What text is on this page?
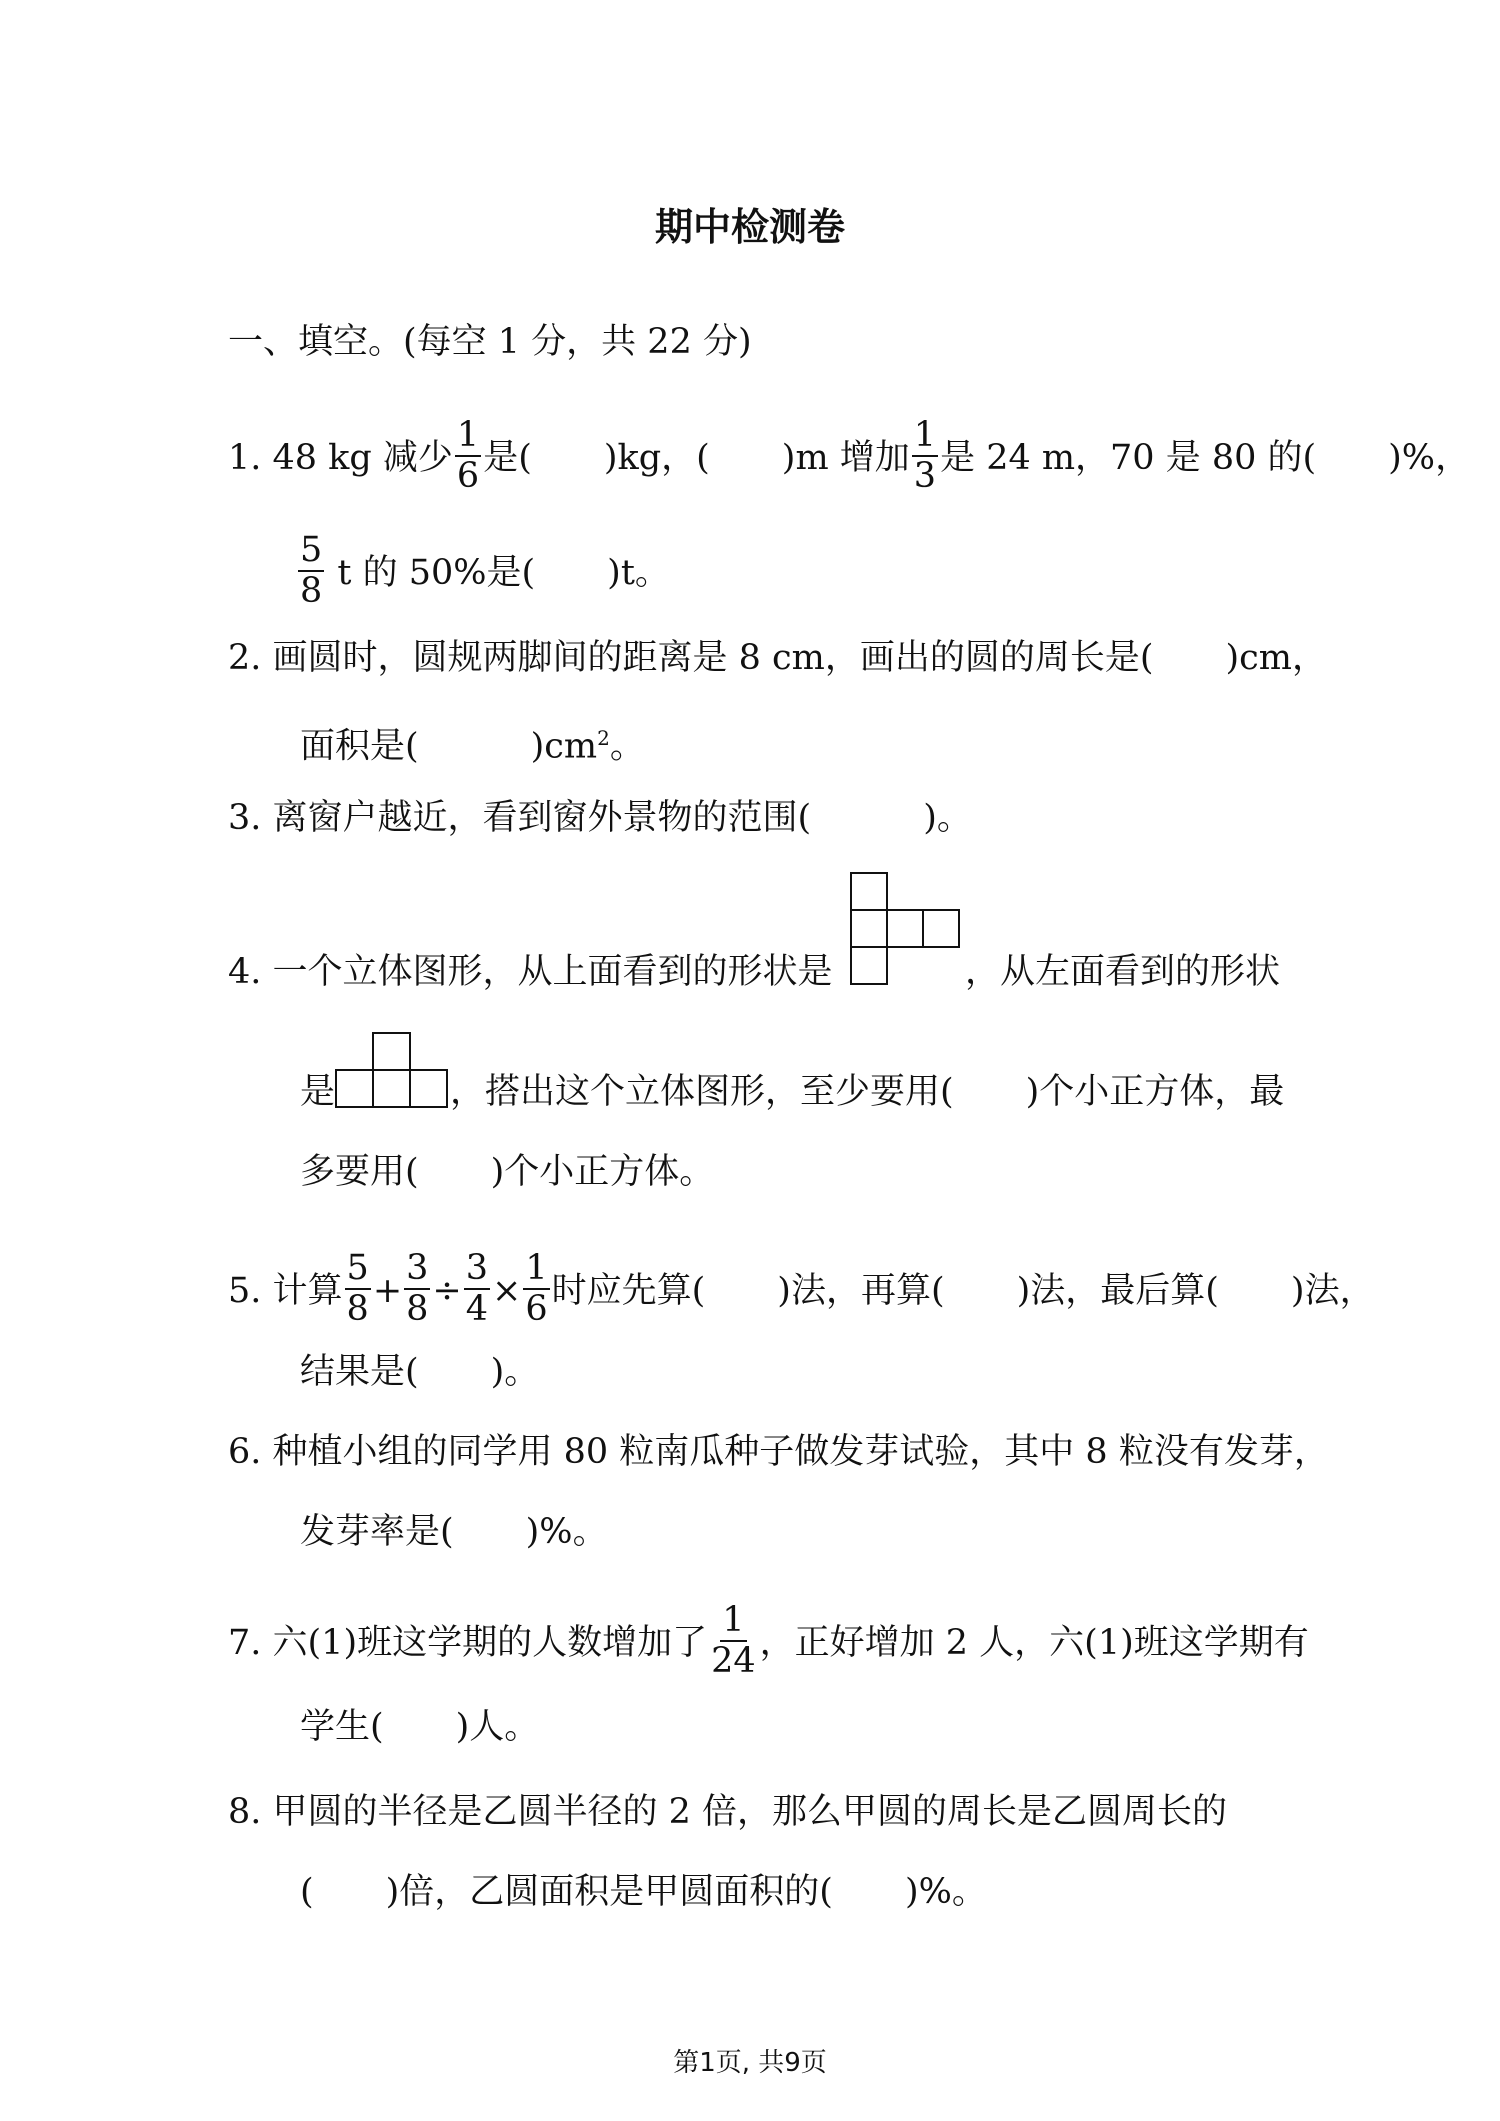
期中检测卷
一、填空。(每空 1 分，共 22 分)
1. 48 kg 减少 $\frac{1}{6}$ 是( )kg，( )m 增加 $\frac{1}{3}$ 是 24 m，70 是 80 的( )%，
$\frac{5}{8}$ t 的 50%是( )t。
2. 画圆时，圆规两脚间的距离是 8 cm，画出的圆的周长是( )cm，
面积是(	)$cm^2$。
3. 离窗户越近，看到窗外景物的范围(	)。
4. 一个立体图形，从上面看到的形状是	，从左面看到的形状
是	，搭出这个立体图形，至少要用( )个小正方体，最
多要用( )个小正方体。
5. 计算 $\frac{5}{8} + \frac{3}{8} \div \frac{3}{4} \times \frac{1}{6}$ 时应先算( )法，再算( )法，最后算( )法，
结果是( )。
6. 种植小组的同学用 80 粒南瓜种子做发芽试验，其中 8 粒没有发芽，
发芽率是( )%。
7. 六(1)班这学期的人数增加了 $\frac{1}{24}$ ，正好增加 2 人，六(1)班这学期有
学生( )人。
8. 甲圆的半径是乙圆半径的 2 倍，那么甲圆的周长是乙圆周长的
( )倍，乙圆面积是甲圆面积的( )%。
第1页, 共9页
